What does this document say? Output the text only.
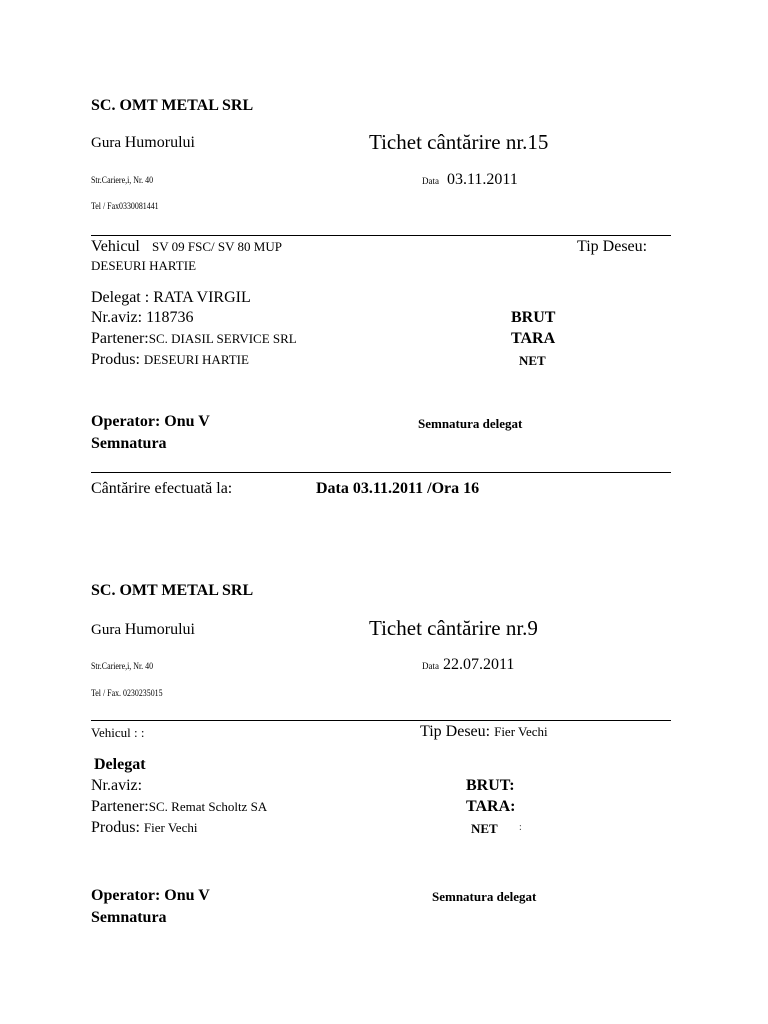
SC. OMT METAL SRL
Gura Humorului	Tichet cântărire nr.15
Str.Cariere,i, Nr. 40	Data 03.11.2011
Tel / Fax0330081441
Vehicul SV 09 FSC/ SV 80 MUP	Tip Deseu:
DESEURI HARTIE
Delegat : RATA VIRGIL
Nr.aviz: 118736
Partener:SC. DIASIL SERVICE SRL
Produs: DESEURI HARTIE
BRUT
TARA
NET
Operator: Onu V	Semnatura delegat
Semnatura
Cântărire efectuată la:	Data 03.11.2011 /Ora 16
SC. OMT METAL SRL
Gura Humorului	Tichet cântărire nr.9
Str.Cariere,i, Nr. 40	Data 22.07.2011
Tel / Fax. 0230235015
Vehicul : :	Tip Deseu: Fier Vechi
Delegat
Nr.aviz:
Partener:SC. Remat Scholtz SA
Produs: Fier Vechi
BRUT:
TARA:
NET :
Operator: Onu V	Semnatura delegat
Semnatura
